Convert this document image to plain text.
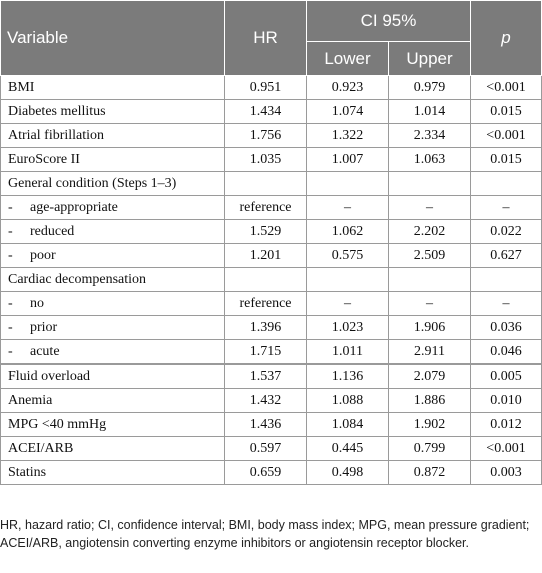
Variable	HR	CI 95%		p
		Lower	Upper	
BMI	0.951	0.923	0.979	<0.001
Diabetes mellitus	1.434	1.074	1.014	0.015
Atrial fibrillation	1.756	1.322	2.334	<0.001
EuroScore II	1.035	1.007	1.063	0.015
General condition (Steps 1–3)				
- age-appropriate	reference	–	–	–
- reduced	1.529	1.062	2.202	0.022
- poor	1.201	0.575	2.509	0.627
Cardiac decompensation				
- no	reference	–	–	–
- prior	1.396	1.023	1.906	0.036
- acute	1.715	1.011	2.911	0.046
Fluid overload	1.537	1.136	2.079	0.005
Anemia	1.432	1.088	1.886	0.010
MPG <40 mmHg	1.436	1.084	1.902	0.012
ACEI/ARB	0.597	0.445	0.799	<0.001
Statins	0.659	0.498	0.872	0.003
HR, hazard ratio; CI, confidence interval; BMI, body mass index; MPG, mean pressure gradient; ACEI/ARB, angiotensin converting enzyme inhibitors or angiotensin receptor blocker.
